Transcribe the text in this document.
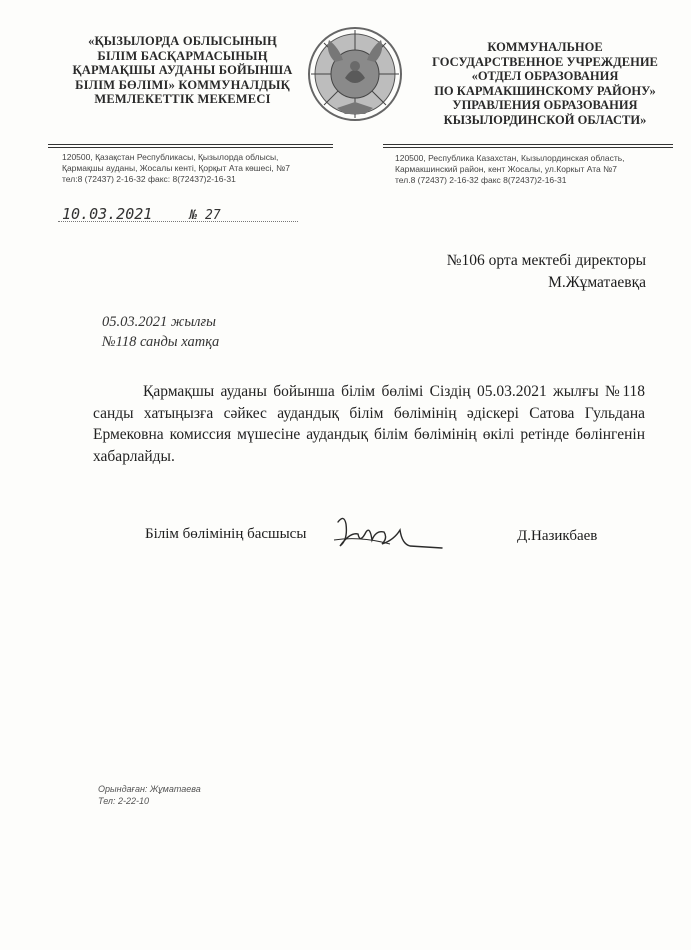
«ҚЫЗЫЛОРДА ОБЛЫСЫНЫҢ
БІЛІМ БАСҚАРМАСЫНЫҢ
ҚАРМАҚШЫ АУДАНЫ БОЙЫНША
БІЛІМ БӨЛІМІ» КОММУНАЛДЫҚ
МЕМЛЕКЕТТІК МЕКЕМЕСІ
КОММУНАЛЬНОЕ
ГОСУДАРСТВЕННОЕ УЧРЕЖДЕНИЕ
«ОТДЕЛ ОБРАЗОВАНИЯ
ПО КАРМАКШИНСКОМУ РАЙОНУ»
УПРАВЛЕНИЯ ОБРАЗОВАНИЯ
КЫЗЫЛОРДИНСКОЙ ОБЛАСТИ»
120500, Қазақстан Республикасы, Қызылорда облысы,
Қармақшы ауданы, Жосалы кенті, Қорқыт Ата көшесі, №7
тел:8 (72437) 2-16-32 факс: 8(72437)2-16-31
120500, Республика Казахстан, Кызылординская область,
Кармакшинский район, кент Жосалы, ул.Коркыт Ата №7
тел.8 (72437) 2-16-32 факс 8(72437)2-16-31
10.03.2021	№ 27
№106 орта мектебі директоры
М.Жұматаевқа
05.03.2021 жылғы
№118 санды хатқа

Қармақшы ауданы бойынша білім бөлімі Сіздің 05.03.2021 жылғы №118 санды хатыңызға сәйкес аудандық білім бөлімінің әдіскері Сатова Гульдана Ермековна комиссия мүшесіне аудандық білім бөлімінің өкілі ретінде бөлінгенін хабарлайды.

Білім бөлімінің басшысы	Д.Назикбаев
Орындаған: Жұматаева
Тел: 2-22-10
